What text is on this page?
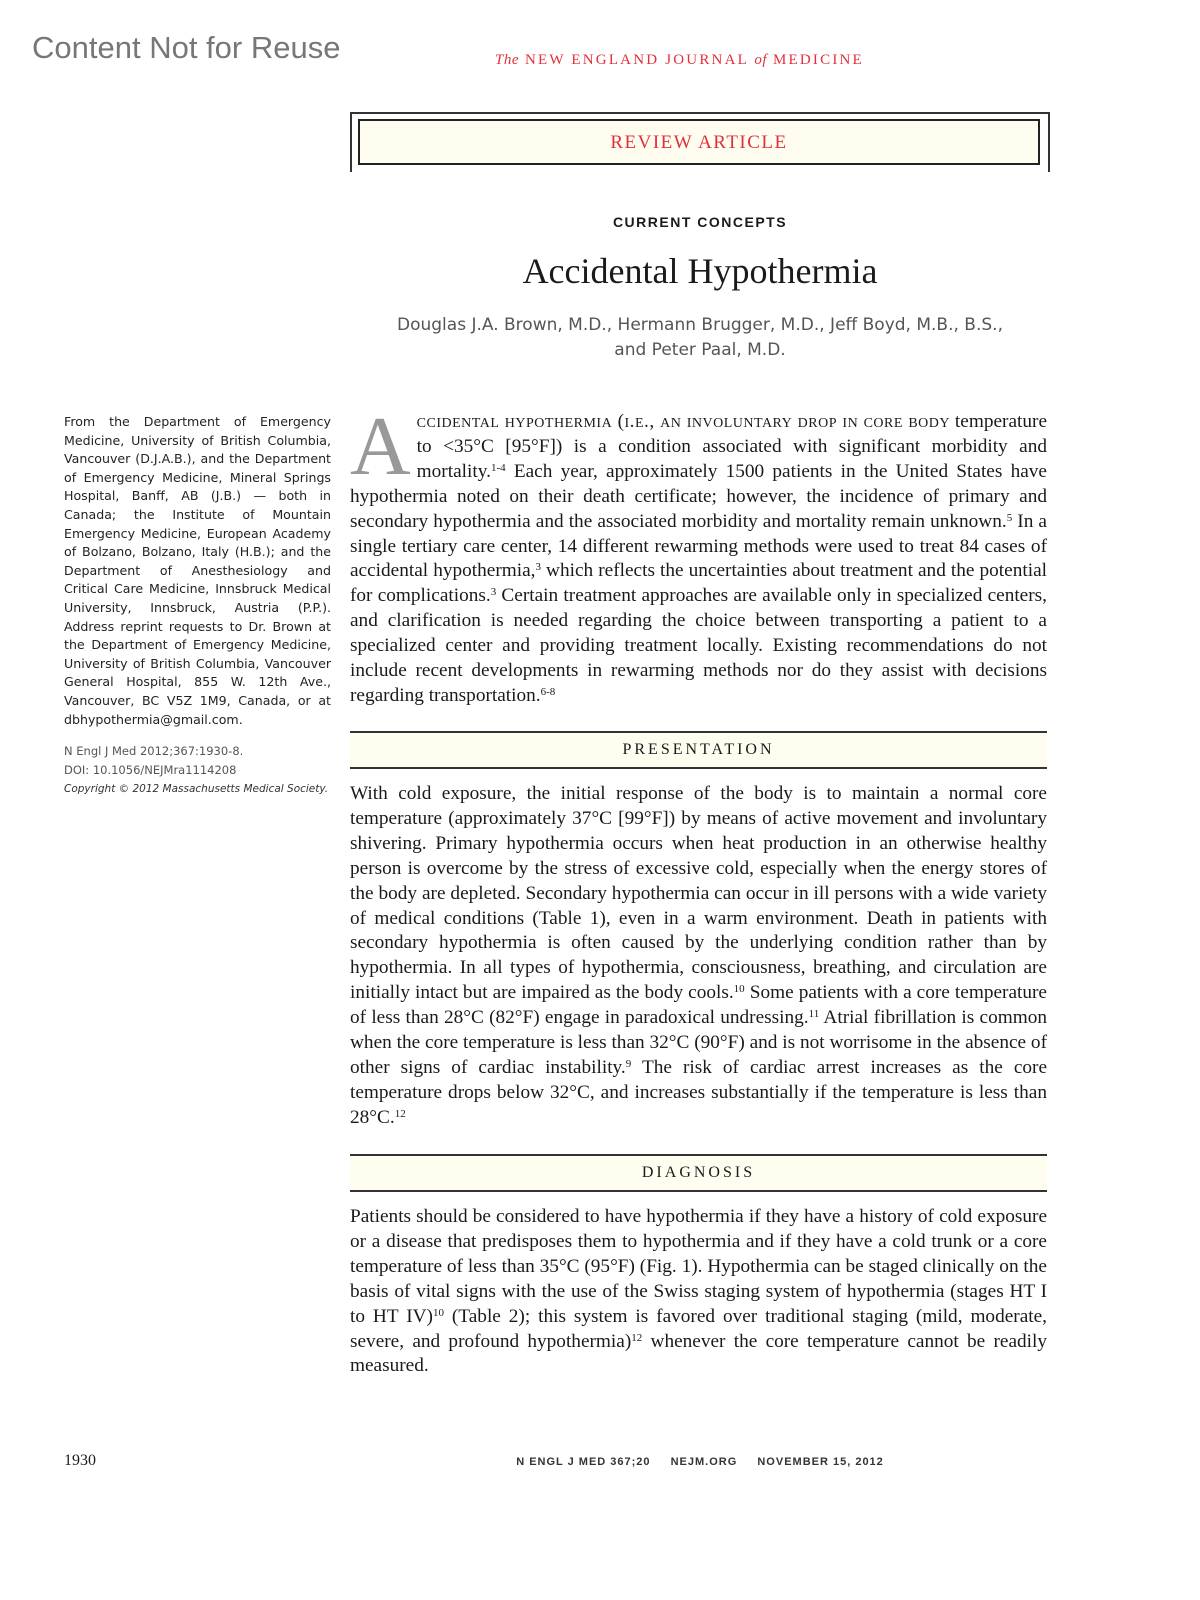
Content Not for Reuse	The NEW ENGLAND JOURNAL of MEDICINE
REVIEW ARTICLE
CURRENT CONCEPTS
Accidental Hypothermia
Douglas J.A. Brown, M.D., Hermann Brugger, M.D., Jeff Boyd, M.B., B.S.,
and Peter Paal, M.D.
From the Department of Emergency Medicine, University of British Columbia, Vancouver (D.J.A.B.), and the Department of Emergency Medicine, Mineral Springs Hospital, Banff, AB (J.B.) — both in Canada; the Institute of Mountain Emergency Medicine, European Academy of Bolzano, Bolzano, Italy (H.B.); and the Department of Anesthesiology and Critical Care Medicine, Innsbruck Medical University, Innsbruck, Austria (P.P.). Address reprint requests to Dr. Brown at the Department of Emergency Medicine, University of British Columbia, Vancouver General Hospital, 855 W. 12th Ave., Vancouver, BC V5Z 1M9, Canada, or at dbhypothermia@gmail.com.
N Engl J Med 2012;367:1930-8.
DOI: 10.1056/NEJMra1114208
Copyright © 2012 Massachusetts Medical Society.
Accidental hypothermia (i.e., an involuntary drop in core body temperature to <35°C [95°F]) is a condition associated with significant morbidity and mortality.$^{1-4}$ Each year, approximately 1500 patients in the United States have hypothermia noted on their death certificate; however, the incidence of primary and secondary hypothermia and the associated morbidity and mortality remain unknown.$^5$ In a single tertiary care center, 14 different rewarming methods were used to treat 84 cases of accidental hypothermia,$^3$ which reflects the uncertainties about treatment and the potential for complications.$^3$ Certain treatment approaches are available only in specialized centers, and clarification is needed regarding the choice between transporting a patient to a specialized center and providing treatment locally. Existing recommendations do not include recent developments in rewarming methods nor do they assist with decisions regarding transportation.$^{6-8}$
PRESENTATION
With cold exposure, the initial response of the body is to maintain a normal core temperature (approximately 37°C [99°F]) by means of active movement and involuntary shivering. Primary hypothermia occurs when heat production in an otherwise healthy person is overcome by the stress of excessive cold, especially when the energy stores of the body are depleted. Secondary hypothermia can occur in ill persons with a wide variety of medical conditions (Table 1), even in a warm environment. Death in patients with secondary hypothermia is often caused by the underlying condition rather than by hypothermia. In all types of hypothermia, consciousness, breathing, and circulation are initially intact but are impaired as the body cools.$^{10}$ Some patients with a core temperature of less than 28°C (82°F) engage in paradoxical undressing.$^{11}$ Atrial fibrillation is common when the core temperature is less than 32°C (90°F) and is not worrisome in the absence of other signs of cardiac instability.$^9$ The risk of cardiac arrest increases as the core temperature drops below 32°C, and increases substantially if the temperature is less than 28°C.$^{12}$
DIAGNOSIS
Patients should be considered to have hypothermia if they have a history of cold exposure or a disease that predisposes them to hypothermia and if they have a cold trunk or a core temperature of less than 35°C (95°F) (Fig. 1). Hypothermia can be staged clinically on the basis of vital signs with the use of the Swiss staging system of hypothermia (stages HT I to HT IV)$^{10}$ (Table 2); this system is favored over traditional staging (mild, moderate, severe, and profound hypothermia)$^{12}$ whenever the core temperature cannot be readily measured.
1930	N ENGL J MED 367;20 NEJM.ORG NOVEMBER 15, 2012
